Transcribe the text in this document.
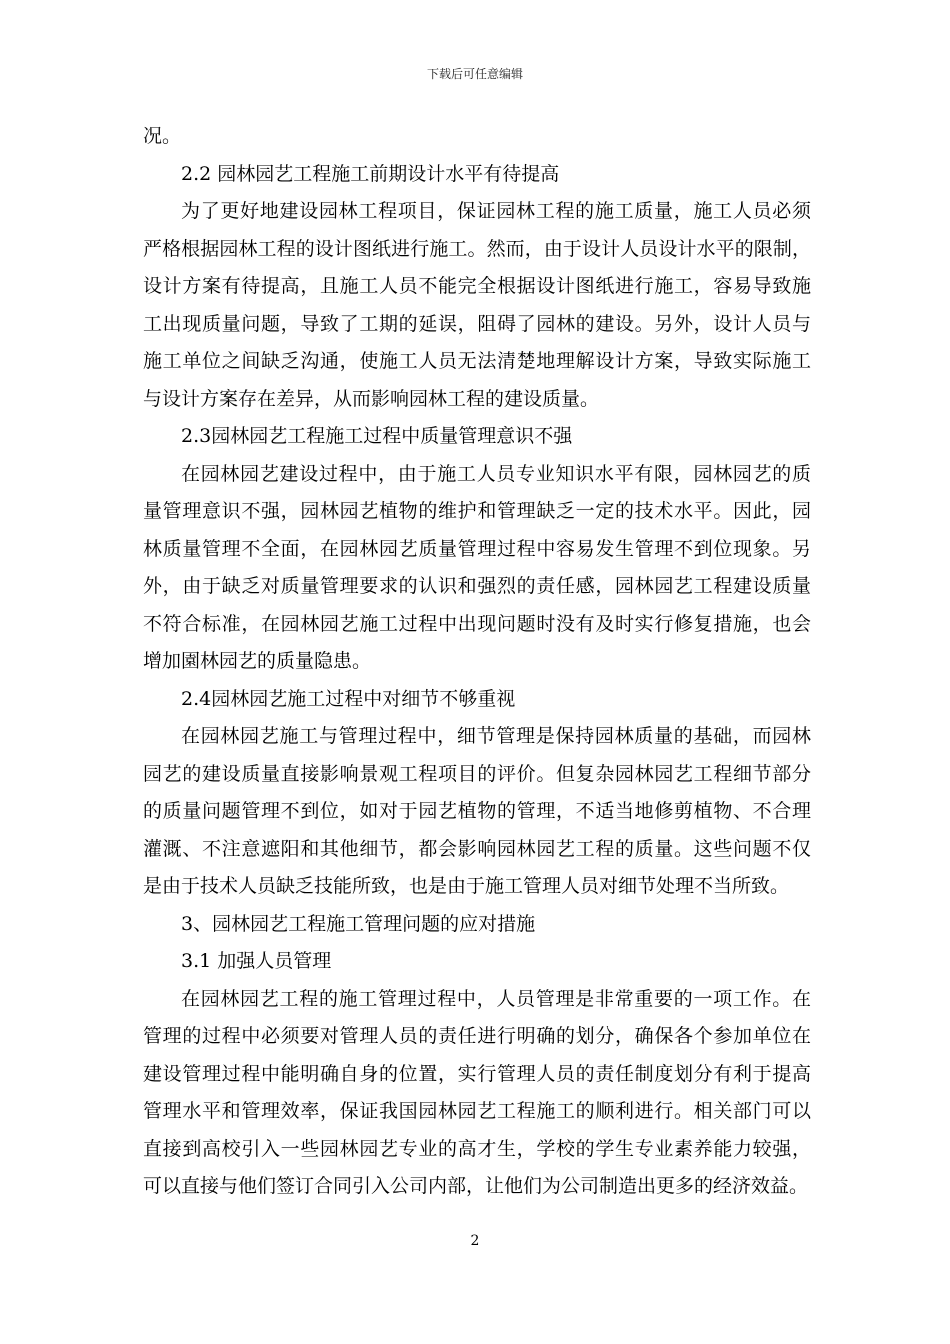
下载后可任意编辑
况。
2.2 园林园艺工程施工前期设计水平有待提高
为了更好地建设园林工程项目，保证园林工程的施工质量，施工人员必须
严格根据园林工程的设计图纸进行施工。然而，由于设计人员设计水平的限制，
设计方案有待提高，且施工人员不能完全根据设计图纸进行施工，容易导致施
工出现质量问题，导致了工期的延误，阻碍了园林的建设。另外，设计人员与
施工单位之间缺乏沟通，使施工人员无法清楚地理解设计方案，导致实际施工
与设计方案存在差异，从而影响园林工程的建设质量。
2.3园林园艺工程施工过程中质量管理意识不强
在园林园艺建设过程中，由于施工人员专业知识水平有限，园林园艺的质
量管理意识不强，园林园艺植物的维护和管理缺乏一定的技术水平。因此，园
林质量管理不全面，在园林园艺质量管理过程中容易发生管理不到位现象。另
外，由于缺乏对质量管理要求的认识和强烈的责任感，园林园艺工程建设质量
不符合标准，在园林园艺施工过程中出现问题时没有及时实行修复措施，也会
增加園林园艺的质量隐患。
2.4园林园艺施工过程中对细节不够重视
在园林园艺施工与管理过程中，细节管理是保持园林质量的基础，而园林
园艺的建设质量直接影响景观工程项目的评价。但复杂园林园艺工程细节部分
的质量问题管理不到位，如对于园艺植物的管理，不适当地修剪植物、不合理
灌溉、不注意遮阳和其他细节，都会影响园林园艺工程的质量。这些问题不仅
是由于技术人员缺乏技能所致，也是由于施工管理人员对细节处理不当所致。
3、园林园艺工程施工管理问题的应对措施
3.1 加强人员管理
在园林园艺工程的施工管理过程中，人员管理是非常重要的一项工作。在
管理的过程中必须要对管理人员的责任进行明确的划分，确保各个参加单位在
建设管理过程中能明确自身的位置，实行管理人员的责任制度划分有利于提高
管理水平和管理效率，保证我国园林园艺工程施工的顺利进行。相关部门可以
直接到高校引入一些园林园艺专业的高才生，学校的学生专业素养能力较强，
可以直接与他们签订合同引入公司内部，让他们为公司制造出更多的经济效益。
2
